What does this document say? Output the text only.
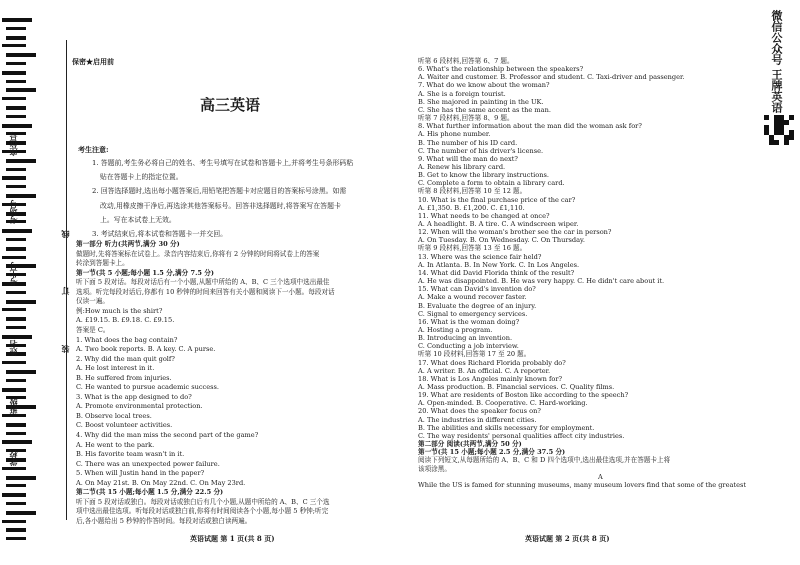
座位号
考场号
考生号
姓名
班级
学校
线
订
装
微信公众号 王牌英语
保密★启用前
高三英语
考生注意:
1. 答题前,考生务必将自己的姓名、考生号填写在试卷和答题卡上,并将考生号条形码粘
贴在答题卡上的指定位置。
2. 回答选择题时,选出每小题答案后,用铅笔把答题卡对应题目的答案标号涂黑。如需
改动,用橡皮擦干净后,再选涂其他答案标号。回答非选择题时,将答案写在答题卡
上。写在本试卷上无效。
3. 考试结束后,将本试卷和答题卡一并交回。
第一部分 听力(共两节,满分 30 分)
做题时,先将答案标在试卷上。录音内容结束后,你将有 2 分钟的时间将试卷上的答案
转涂到答题卡上。
第一节(共 5 小题;每小题 1.5 分,满分 7.5 分)
听下面 5 段对话。每段对话后有一个小题,从题中所给的 A、B、C 三个选项中选出最佳
选项。听完每段对话后,你都有 10 秒钟的时间来回答有关小题和阅读下一小题。每段对话
仅读一遍。
例:How much is the shirt?
A. £19.15. B. £9.18. C. £9.15.
答案是 C。
1. What does the bag contain?
A. Two book reports. B. A key. C. A purse.
2. Why did the man quit golf?
A. He lost interest in it.
B. He suffered from injuries.
C. He wanted to pursue academic success.
3. What is the app designed to do?
A. Promote environmental protection.
B. Observe local trees.
C. Boost volunteer activities.
4. Why did the man miss the second part of the game?
A. He went to the park.
B. His favorite team wasn't in it.
C. There was an unexpected power failure.
5. When will Justin hand in the paper?
A. On May 21st. B. On May 22nd. C. On May 23rd.
第二节(共 15 小题;每小题 1.5 分,满分 22.5 分)
听下面 5 段对话或独白。每段对话或独白后有几个小题,从题中所给的 A、B、C 三个选
项中选出最佳选项。听每段对话或独白前,你将有时间阅读各个小题,每小题 5 秒钟;听完
后,各小题给出 5 秒钟的作答时间。每段对话或独白读两遍。
听第 6 段材料,回答第 6、7 题。
6. What's the relationship between the speakers?
A. Waiter and customer. B. Professor and student. C. Taxi-driver and passenger.
7. What do we know about the woman?
A. She is a foreign tourist.
B. She majored in painting in the UK.
C. She has the same accent as the man.
听第 7 段材料,回答第 8、9 题。
8. What further information about the man did the woman ask for?
A. His phone number.
B. The number of his ID card.
C. The number of his driver's license.
9. What will the man do next?
A. Renew his library card.
B. Get to know the library instructions.
C. Complete a form to obtain a library card.
听第 8 段材料,回答第 10 至 12 题。
10. What is the final purchase price of the car?
A. £1,350. B. £1,200. C. £1,110.
11. What needs to be changed at once?
A. A headlight. B. A tire. C. A windscreen wiper.
12. When will the woman's brother see the car in person?
A. On Tuesday. B. On Wednesday. C. On Thursday.
听第 9 段材料,回答第 13 至 16 题。
13. Where was the science fair held?
A. In Atlanta. B. In New York. C. In Los Angeles.
14. What did David Florida think of the result?
A. He was disappointed. B. He was very happy. C. He didn't care about it.
15. What can David's invention do?
A. Make a wound recover faster.
B. Evaluate the degree of an injury.
C. Signal to emergency services.
16. What is the woman doing?
A. Hosting a program.
B. Introducing an invention.
C. Conducting a job interview.
听第 10 段材料,回答第 17 至 20 题。
17. What does Richard Florida probably do?
A. A writer. B. An official. C. A reporter.
18. What is Los Angeles mainly known for?
A. Mass production. B. Financial services. C. Quality films.
19. What are residents of Boston like according to the speech?
A. Open-minded. B. Cooperative. C. Hard-working.
20. What does the speaker focus on?
A. The industries in different cities.
B. The abilities and skills necessary for employment.
C. The way residents' personal qualities affect city industries.
第二部分 阅读(共两节,满分 50 分)
第一节(共 15 小题;每小题 2.5 分,满分 37.5 分)
阅读下列短文,从每题所给的 A、B、C 和 D 四个选项中,选出最佳选项,并在答题卡上将
该项涂黑。
A
While the US is famed for stunning museums, many museum lovers find that some of the greatest
英语试题 第 1 页(共 8 页)	英语试题 第 2 页(共 8 页)
